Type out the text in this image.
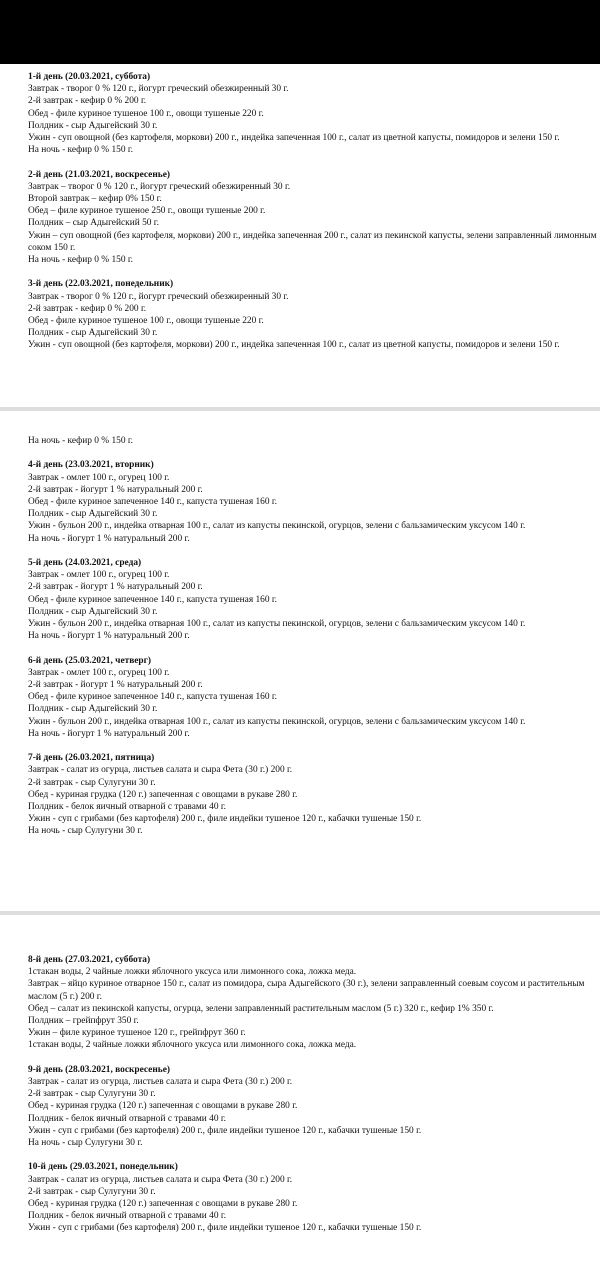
1-й день (20.03.2021, суббота)
Завтрак - творог 0 % 120 г., йогурт греческий обезжиренный 30 г.
2-й завтрак - кефир 0 % 200 г.
Обед - филе куриное тушеное 100 г., овощи тушеные 220 г.
Полдник - сыр Адыгейский 30 г.
Ужин - суп овощной (без картофеля, моркови) 200 г., индейка запеченная 100 г., салат из цветной капусты, помидоров и зелени 150 г.
На ночь - кефир 0 % 150 г.
2-й день (21.03.2021, воскресенье)
Завтрак – творог 0 % 120 г., йогурт греческий обезжиренный 30 г.
Второй завтрак – кефир 0% 150 г.
Обед – филе куриное тушеное 250 г., овощи тушеные 200 г.
Полдник – сыр Адыгейский 50 г.
Ужин – суп овощной (без картофеля, моркови) 200 г., индейка запеченная 200 г., салат из пекинской капусты, зелени заправленный лимонным
соком 150 г.
На ночь - кефир 0 % 150 г.
3-й день (22.03.2021, понедельник)
Завтрак - творог 0 % 120 г., йогурт греческий обезжиренный 30 г.
2-й завтрак - кефир 0 % 200 г.
Обед - филе куриное тушеное 100 г., овощи тушеные 220 г.
Полдник - сыр Адыгейский 30 г.
Ужин - суп овощной (без картофеля, моркови) 200 г., индейка запеченная 100 г., салат из цветной капусты, помидоров и зелени 150 г.
На ночь - кефир 0 % 150 г.
4-й день (23.03.2021, вторник)
Завтрак - омлет 100 г., огурец 100 г.
2-й завтрак - йогурт 1 % натуральный 200 г.
Обед - филе куриное запеченное 140 г., капуста тушеная 160 г.
Полдник - сыр Адыгейский 30 г.
Ужин - бульон 200 г., индейка отварная 100 г., салат из капусты пекинской, огурцов, зелени с бальзамическим уксусом 140 г.
На ночь - йогурт 1 % натуральный 200 г.
5-й день (24.03.2021, среда)
Завтрак - омлет 100 г., огурец 100 г.
2-й завтрак - йогурт 1 % натуральный 200 г.
Обед - филе куриное запеченное 140 г., капуста тушеная 160 г.
Полдник - сыр Адыгейский 30 г.
Ужин - бульон 200 г., индейка отварная 100 г., салат из капусты пекинской, огурцов, зелени с бальзамическим уксусом 140 г.
На ночь - йогурт 1 % натуральный 200 г.
6-й день (25.03.2021, четверг)
Завтрак - омлет 100 г., огурец 100 г.
2-й завтрак - йогурт 1 % натуральный 200 г.
Обед - филе куриное запеченное 140 г., капуста тушеная 160 г.
Полдник - сыр Адыгейский 30 г.
Ужин - бульон 200 г., индейка отварная 100 г., салат из капусты пекинской, огурцов, зелени с бальзамическим уксусом 140 г.
На ночь - йогурт 1 % натуральный 200 г.
7-й день (26.03.2021, пятница)
Завтрак - салат из огурца, листьев салата и сыра Фета (30 г.) 200 г.
2-й завтрак - сыр Сулугуни 30 г.
Обед - куриная грудка (120 г.) запеченная с овощами в рукаве 280 г.
Полдник - белок яичный отварной с травами 40 г.
Ужин - суп с грибами (без картофеля) 200 г., филе индейки тушеное 120 г., кабачки тушеные 150 г.
На ночь - сыр Сулугуни 30 г.
8-й день (27.03.2021, суббота)
1стакан воды, 2 чайные ложки яблочного уксуса или лимонного сока, ложка меда.
Завтрак – яйцо куриное отварное 150 г., салат из помидора, сыра Адыгейского (30 г.), зелени заправленный соевым соусом и растительным
маслом (5 г.) 200 г.
Обед – салат из пекинской капусты, огурца, зелени заправленный растительным маслом (5 г.) 320 г., кефир 1% 350 г.
Полдник – грейпфрут 350 г.
Ужин – филе куриное тушеное 120 г., грейпфрут 360 г.
1стакан воды, 2 чайные ложки яблочного уксуса или лимонного сока, ложка меда.
9-й день (28.03.2021, воскресенье)
Завтрак - салат из огурца, листьев салата и сыра Фета (30 г.) 200 г.
2-й завтрак - сыр Сулугуни 30 г.
Обед - куриная грудка (120 г.) запеченная с овощами в рукаве 280 г.
Полдник - белок яичный отварной с травами 40 г.
Ужин - суп с грибами (без картофеля) 200 г., филе индейки тушеное 120 г., кабачки тушеные 150 г.
На ночь - сыр Сулугуни 30 г.
10-й день (29.03.2021, понедельник)
Завтрак - салат из огурца, листьев салата и сыра Фета (30 г.) 200 г.
2-й завтрак - сыр Сулугуни 30 г.
Обед - куриная грудка (120 г.) запеченная с овощами в рукаве 280 г.
Полдник - белок яичный отварной с травами 40 г.
Ужин - суп с грибами (без картофеля) 200 г., филе индейки тушеное 120 г., кабачки тушеные 150 г.
